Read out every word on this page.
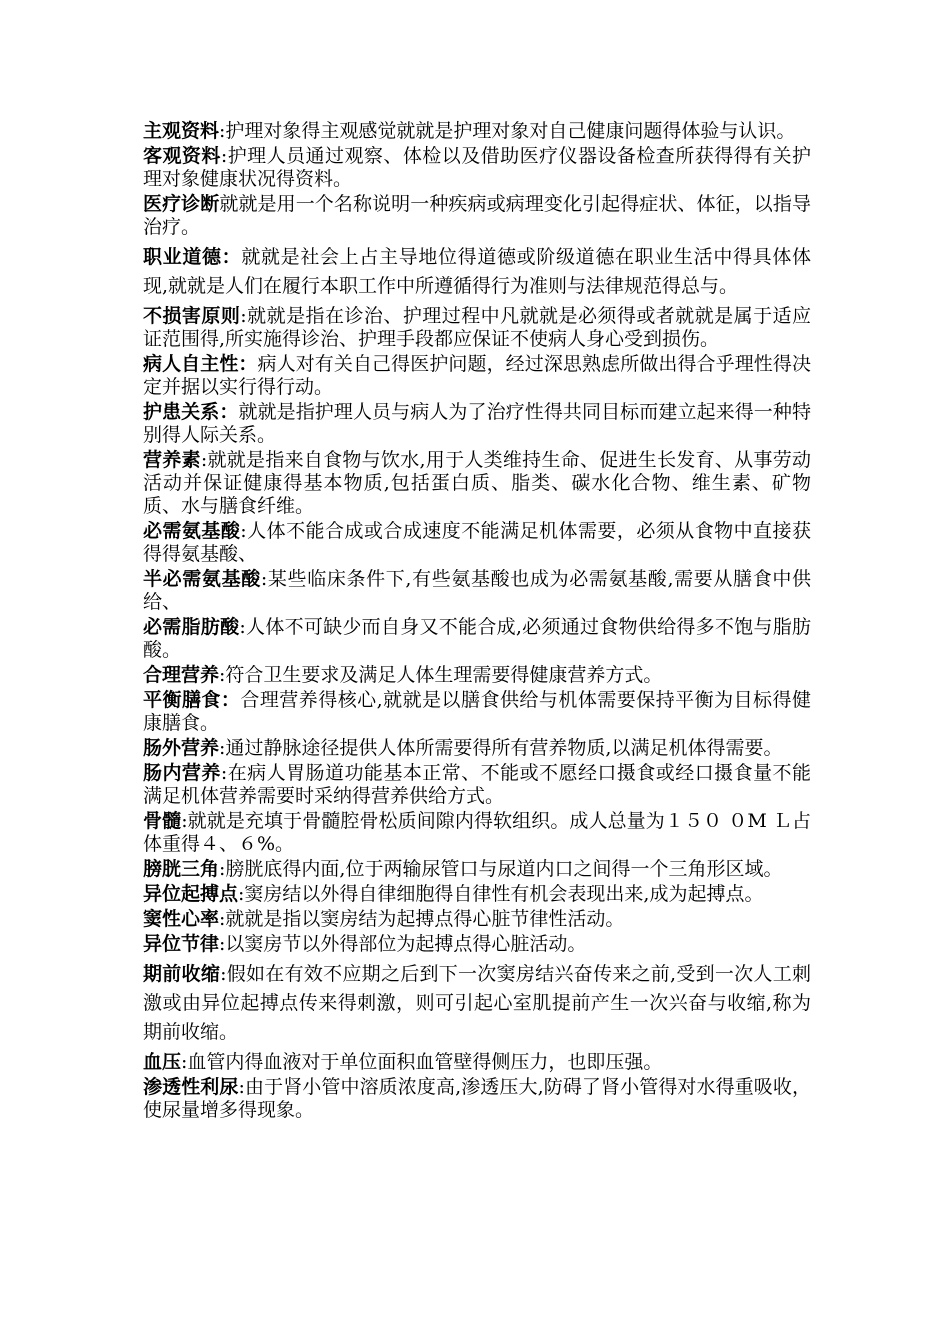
主观资料:护理对象得主观感觉就就是护理对象对自己健康问题得体验与认识。

客观资料:护理人员通过观察、体检以及借助医疗仪器设备检查所获得得有关护理对象健康状况得资料。

医疗诊断就就是用一个名称说明一种疾病或病理变化引起得症状、体征，以指导治疗。

职业道德：就就是社会上占主导地位得道德或阶级道德在职业生活中得具体体现,就就是人们在履行本职工作中所遵循得行为准则与法律规范得总与。

不损害原则:就就是指在诊治、护理过程中凡就就是必须得或者就就是属于适应证范围得,所实施得诊治、护理手段都应保证不使病人身心受到损伤。

病人自主性：病人对有关自己得医护问题，经过深思熟虑所做出得合乎理性得决定并据以实行得行动。

护患关系：就就是指护理人员与病人为了治疗性得共同目标而建立起来得一种特别得人际关系。

营养素:就就是指来自食物与饮水,用于人类维持生命、促进生长发育、从事劳动活动并保证健康得基本物质,包括蛋白质、脂类、碳水化合物、维生素、矿物质、水与膳食纤维。

必需氨基酸:人体不能合成或合成速度不能满足机体需要，必须从食物中直接获得得氨基酸、

半必需氨基酸:某些临床条件下,有些氨基酸也成为必需氨基酸,需要从膳食中供给、

必需脂肪酸:人体不可缺少而自身又不能合成,必须通过食物供给得多不饱与脂肪酸。

合理营养:符合卫生要求及满足人体生理需要得健康营养方式。

平衡膳食：合理营养得核心,就就是以膳食供给与机体需要保持平衡为目标得健康膳食。

肠外营养:通过静脉途径提供人体所需要得所有营养物质,以满足机体得需要。

肠内营养:在病人胃肠道功能基本正常、不能或不愿经口摄食或经口摄食量不能满足机体营养需要时采纳得营养供给方式。

骨髓:就就是充填于骨髓腔骨松质间隙内得软组织。成人总量为１５０ ０M Ｌ占体重得４、６%。

膀胱三角:膀胱底得内面,位于两输尿管口与尿道内口之间得一个三角形区域。

异位起搏点:窦房结以外得自律细胞得自律性有机会表现出来,成为起搏点。

窦性心率:就就是指以窦房结为起搏点得心脏节律性活动。

异位节律:以窦房节以外得部位为起搏点得心脏活动。

期前收缩:假如在有效不应期之后到下一次窦房结兴奋传来之前,受到一次人工刺激或由异位起搏点传来得刺激，则可引起心室肌提前产生一次兴奋与收缩,称为期前收缩。

血压:血管内得血液对于单位面积血管壁得侧压力，也即压强。

渗透性利尿:由于肾小管中溶质浓度高,渗透压大,防碍了肾小管得对水得重吸收，使尿量增多得现象。
